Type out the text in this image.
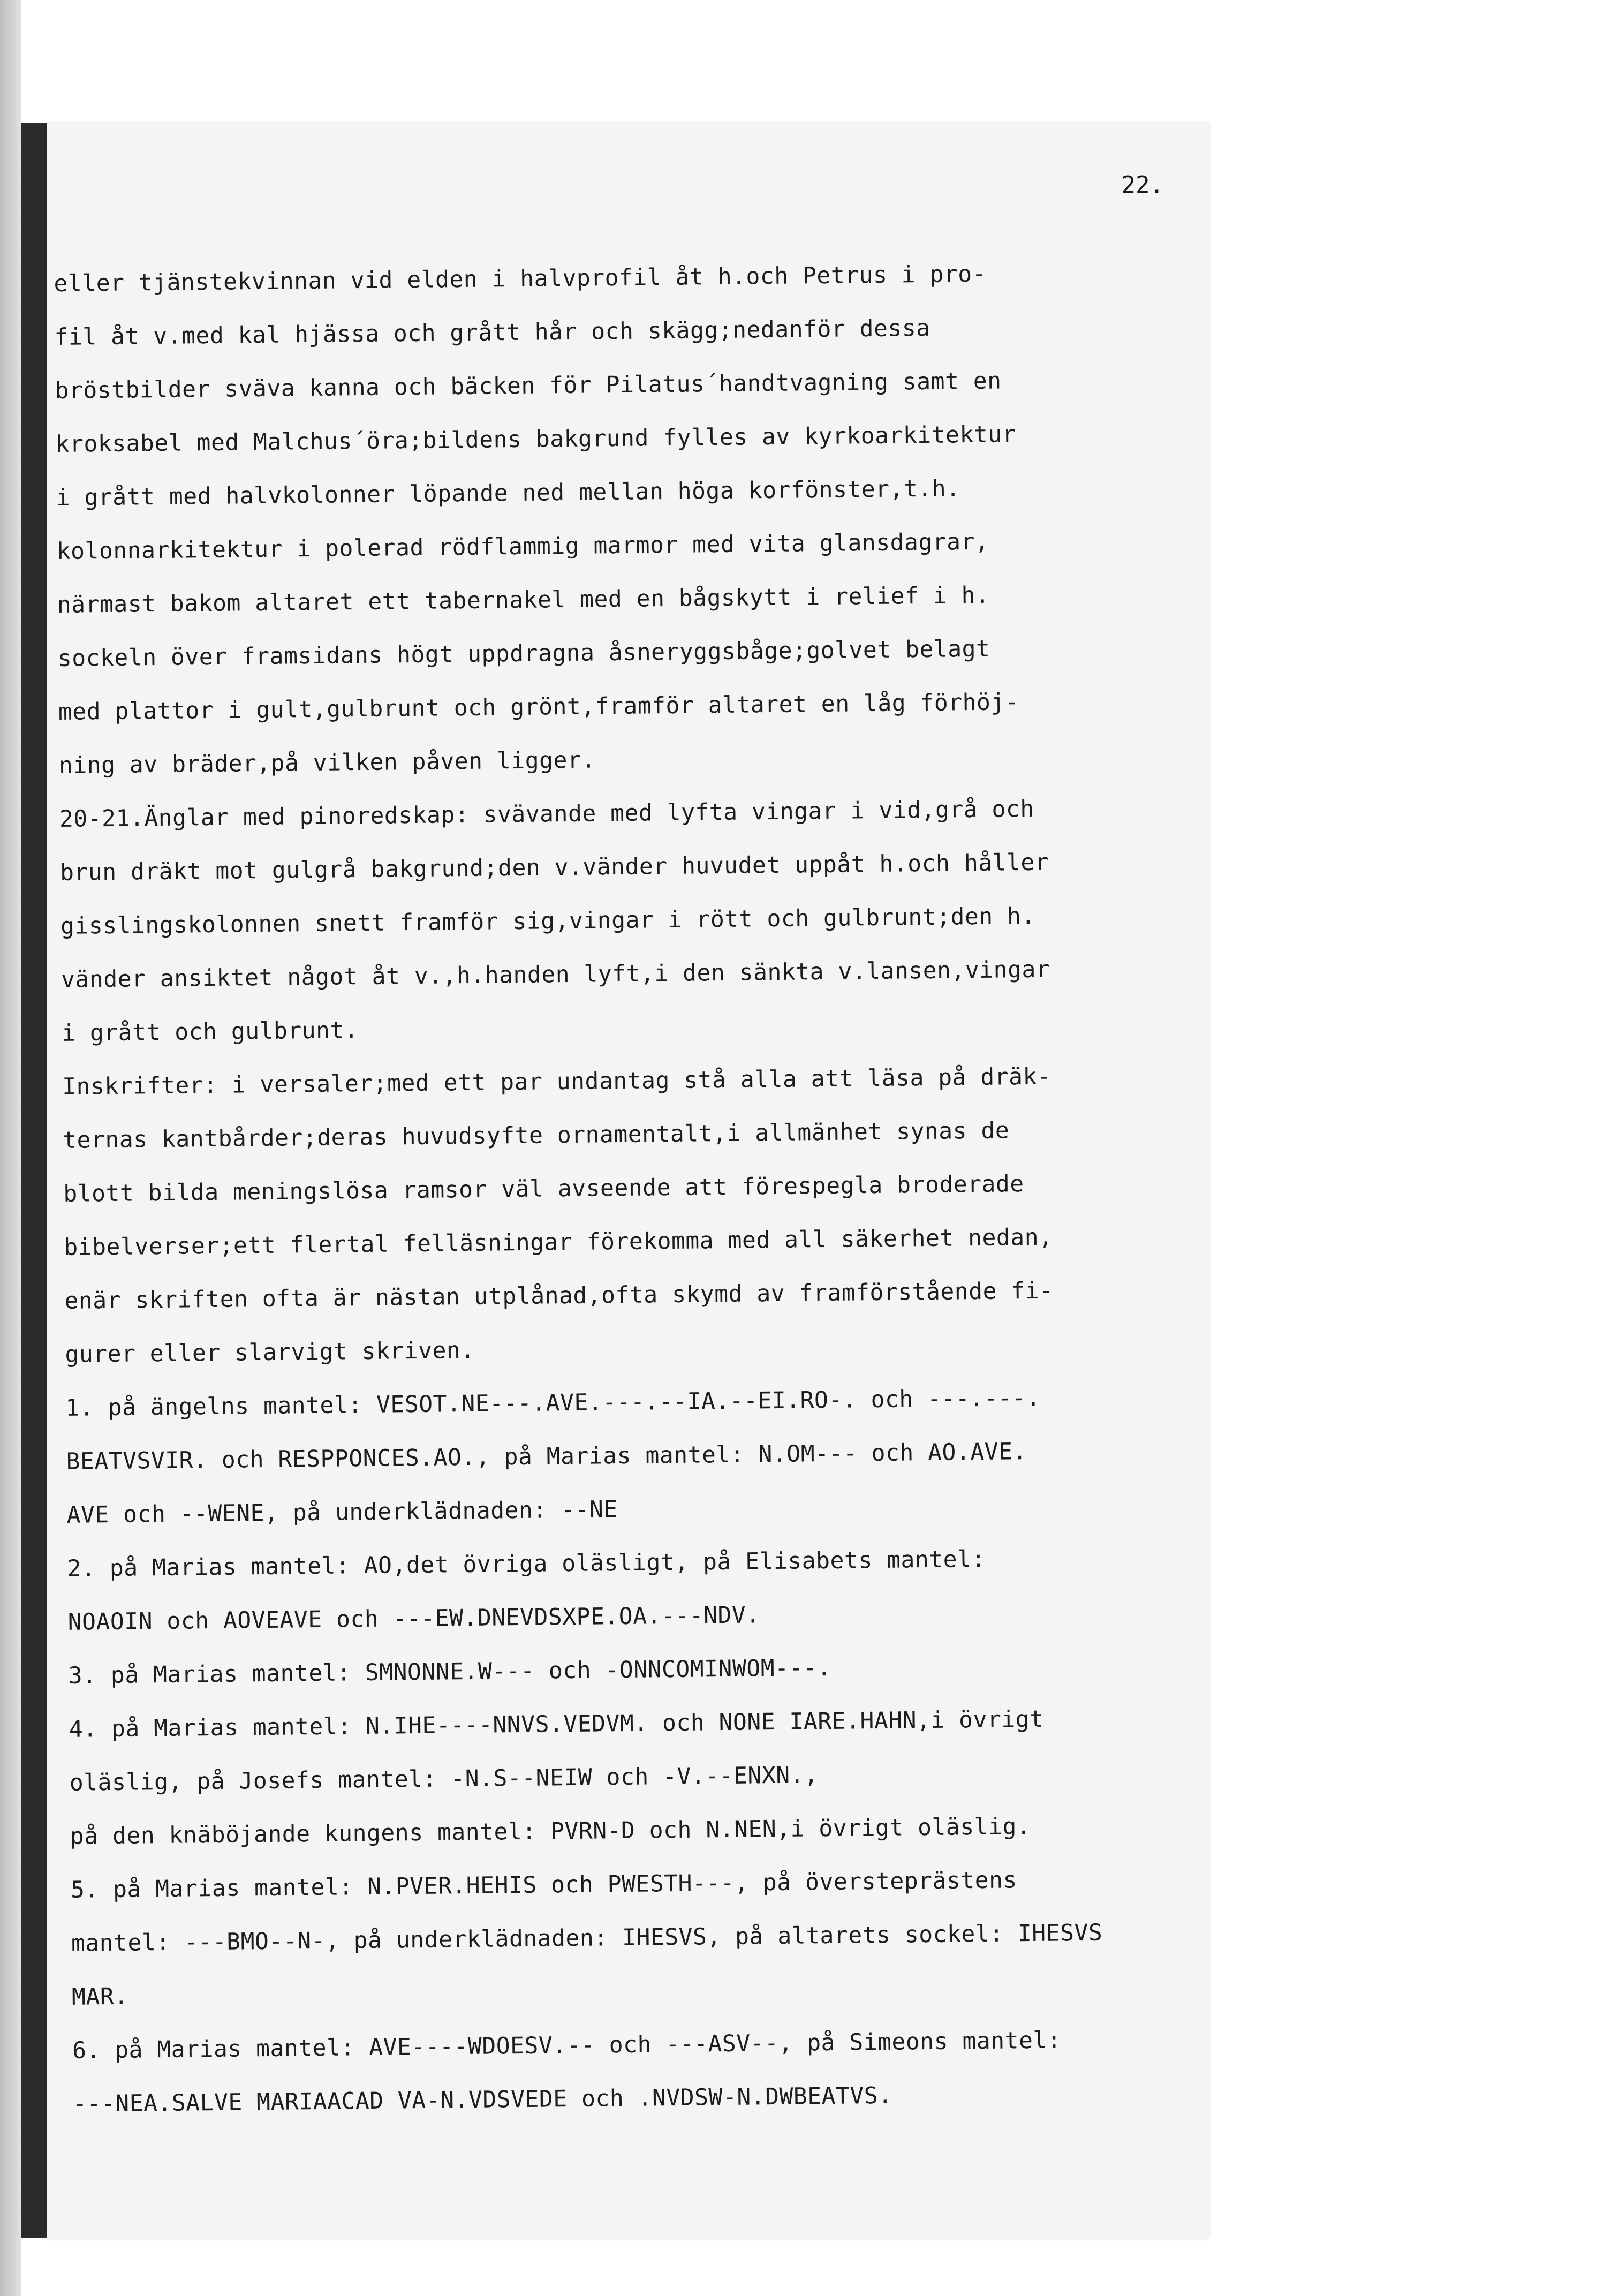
22.
eller tjänstekvinnan vid elden i halvprofil åt h.och Petrus i pro-
fil åt v.med kal hjässa och grått hår och skägg;nedanför dessa
bröstbilder sväva kanna och bäcken för Pilatus´handtvagning samt en
kroksabel med Malchus´öra;bildens bakgrund fylles av kyrkoarkitektur
i grått med halvkolonner löpande ned mellan höga korfönster,t.h.
kolonnarkitektur i polerad rödflammig marmor med vita glansdagrar,
närmast bakom altaret ett tabernakel med en bågskytt i relief i h.
sockeln över framsidans högt uppdragna åsneryggsbåge;golvet belagt
med plattor i gult,gulbrunt och grönt,framför altaret en låg förhöj-
ning av bräder,på vilken påven ligger.
20-21.Änglar med pinoredskap: svävande med lyfta vingar i vid,grå och
brun dräkt mot gulgrå bakgrund;den v.vänder huvudet uppåt h.och håller
gisslingskolonnen snett framför sig,vingar i rött och gulbrunt;den h.
vänder ansiktet något åt v.,h.handen lyft,i den sänkta v.lansen,vingar
i grått och gulbrunt.
Inskrifter: i versaler;med ett par undantag stå alla att läsa på dräk-
ternas kantbårder;deras huvudsyfte ornamentalt,i allmänhet synas de
blott bilda meningslösa ramsor väl avseende att förespegla broderade
bibelverser;ett flertal felläsningar förekomma med all säkerhet nedan,
enär skriften ofta är nästan utplånad,ofta skymd av framförstående fi-
gurer eller slarvigt skriven.
1. på ängelns mantel: VESOT.NE---.AVE.---.--IA.--EI.RO-. och ---.---.
BEATVSVIR. och RESPPONCES.AO., på Marias mantel: N.OM--- och AO.AVE.
AVE och --WENE, på underklädnaden: --NE
2. på Marias mantel: AO,det övriga oläsligt, på Elisabets mantel:
NOAOIN och AOVEAVE och ---EW.DNEVDSXPE.OA.---NDV.
3. på Marias mantel: SMNONNE.W--- och -ONNCOMINWOM---.
4. på Marias mantel: N.IHE----NNVS.VEDVM. och NONE IARE.HAHN,i övrigt
oläslig, på Josefs mantel: -N.S--NEIW och -V.--ENXN.,
på den knäböjande kungens mantel: PVRN-D och N.NEN,i övrigt oläslig.
5. på Marias mantel: N.PVER.HEHIS och PWESTH---, på översteprästens
mantel: ---BMO--N-, på underklädnaden: IHESVS, på altarets sockel: IHESVS
MAR.
6. på Marias mantel: AVE----WDOESV.-- och ---ASV--, på Simeons mantel:
---NEA.SALVE MARIAACAD VA-N.VDSVEDE och .NVDSW-N.DWBEATVS.
